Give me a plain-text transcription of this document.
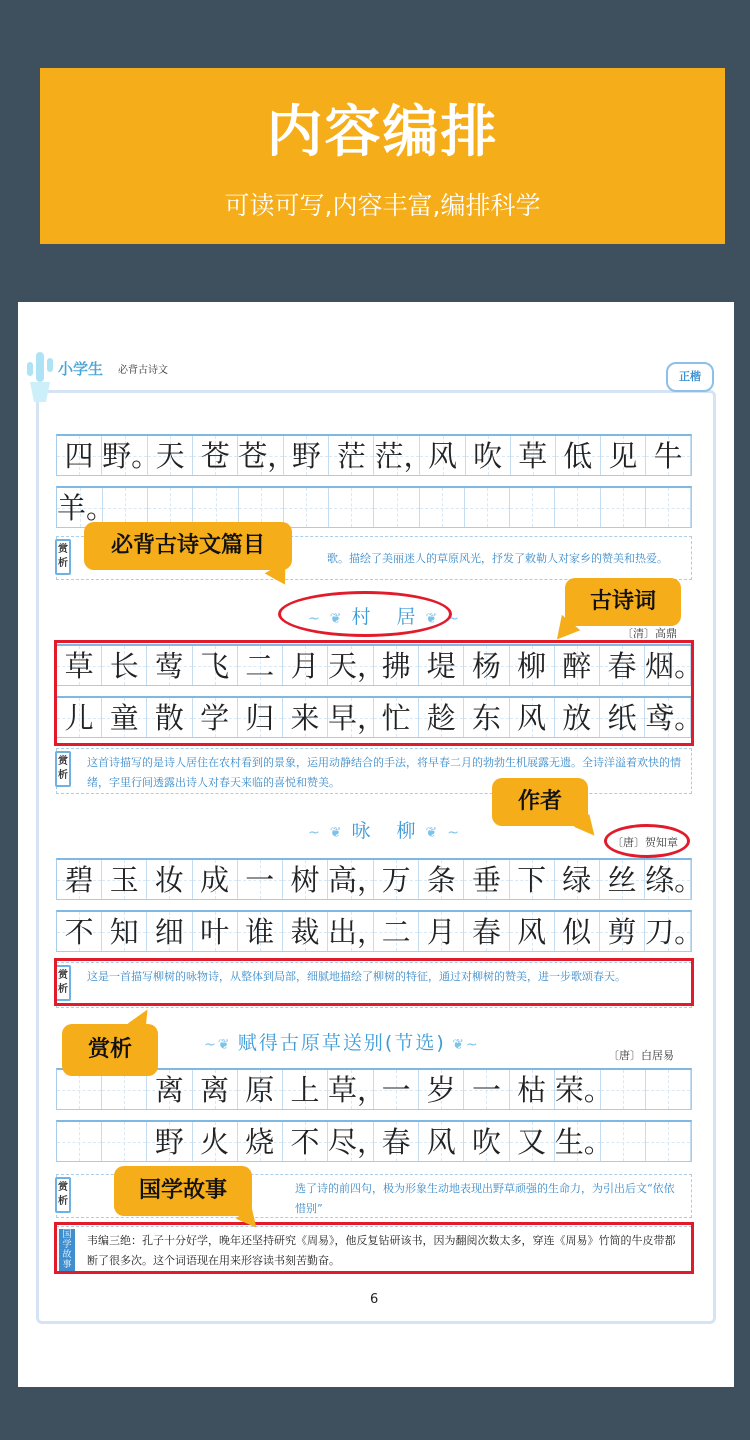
内容编排
可读可写,内容丰富,编排科学
小学生 必背古诗文	正楷
四 野。
天 苍 苍，
野 茫 茫，
风 吹 草 低 见 牛
羊。
赏析	歌。描绘了美丽迷人的草原风光，抒发了敕勒人对家乡的赞美和热爱。
~❦村 居❦~
〔清〕高鼎
草 长 莺 飞 二 月 天，
拂 堤 杨 柳 醉 春 烟。
儿 童 散 学 归 来 早，
忙 趁 东 风 放 纸 鸢。
赏析
这首诗描写的是诗人居住在农村看到的景象，运用动静结合的手法，将早春二月的勃勃生机展露无遗。全诗洋溢着欢快的情绪，字里行间透露出诗人对春天来临的喜悦和赞美。
~❦咏 柳❦~
〔唐〕贺知章
碧 玉 妆 成 一 树 高，
万 条 垂 下 绿 丝 绦。
不 知 细 叶 谁 裁 出，
二 月 春 风 似 剪 刀。
赏析
这是一首描写柳树的咏物诗，从整体到局部，细腻地描绘了柳树的特征，通过对柳树的赞美，进一步歌颂春天。
~❦ 赋得古原草送别(节选) ❦~
〔唐〕白居易
离 离 原 上 草，
一 岁 一 枯 荣。
野 火 烧 不 尽，
春 风 吹 又 生。
赏析
选了诗的前四句，极为形象生动地表现出野草顽强的生命力，为引出后文“依依惜别”
国学故事
韦编三绝：孔子十分好学，晚年还坚持研究《周易》，他反复钻研该书，因为翻阅次数太多，穿连《周易》竹简的牛皮带都断了很多次。这个词语现在用来形容读书刻苦勤奋。
6
必背古诗文篇目
古诗词
作者
赏析
国学故事
